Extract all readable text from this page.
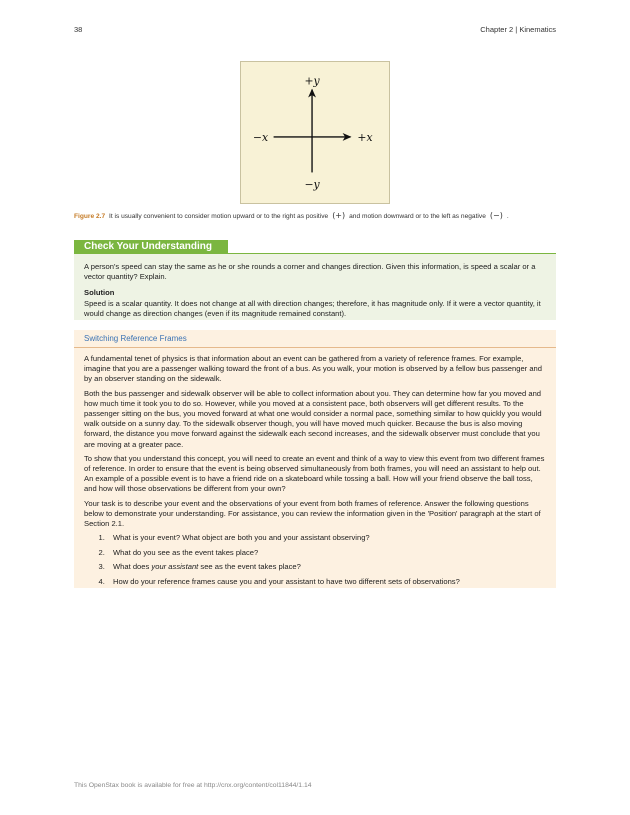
38	Chapter 2 | Kinematics
+y
−y
−x	+x
Figure 2.7 It is usually convenient to consider motion upward or to the right as positive (+) and motion downward or to the left as negative (−) .
Check Your Understanding

A person's speed can stay the same as he or she rounds a corner and changes direction. Given this information, is speed a scalar or a vector quantity? Explain.

Solution

Speed is a scalar quantity. It does not change at all with direction changes; therefore, it has magnitude only. If it were a vector quantity, it would change as direction changes (even if its magnitude remained constant).

Switching Reference Frames

A fundamental tenet of physics is that information about an event can be gathered from a variety of reference frames. For example, imagine that you are a passenger walking toward the front of a bus. As you walk, your motion is observed by a fellow bus passenger and by an observer standing on the sidewalk.

Both the bus passenger and sidewalk observer will be able to collect information about you. They can determine how far you moved and how much time it took you to do so. However, while you moved at a consistent pace, both observers will get different results. To the passenger sitting on the bus, you moved forward at what one would consider a normal pace, something similar to how quickly you would walk outside on a sunny day. To the sidewalk observer though, you will have moved much quicker. Because the bus is also moving forward, the distance you move forward against the sidewalk each second increases, and the sidewalk observer must conclude that you are moving at a greater pace.

To show that you understand this concept, you will need to create an event and think of a way to view this event from two different frames of reference. In order to ensure that the event is being observed simultaneously from both frames, you will need an assistant to help out. An example of a possible event is to have a friend ride on a skateboard while tossing a ball. How will your friend observe the ball toss, and how will those observations be different from your own?

Your task is to describe your event and the observations of your event from both frames of reference. Answer the following questions below to demonstrate your understanding. For assistance, you can review the information given in the 'Position' paragraph at the start of Section 2.1.

1. What is your event? What object are both you and your assistant observing?
2. What do you see as the event takes place?
3. What does your assistant see as the event takes place?
4. How do your reference frames cause you and your assistant to have two different sets of observations?
This OpenStax book is available for free at http://cnx.org/content/col11844/1.14
